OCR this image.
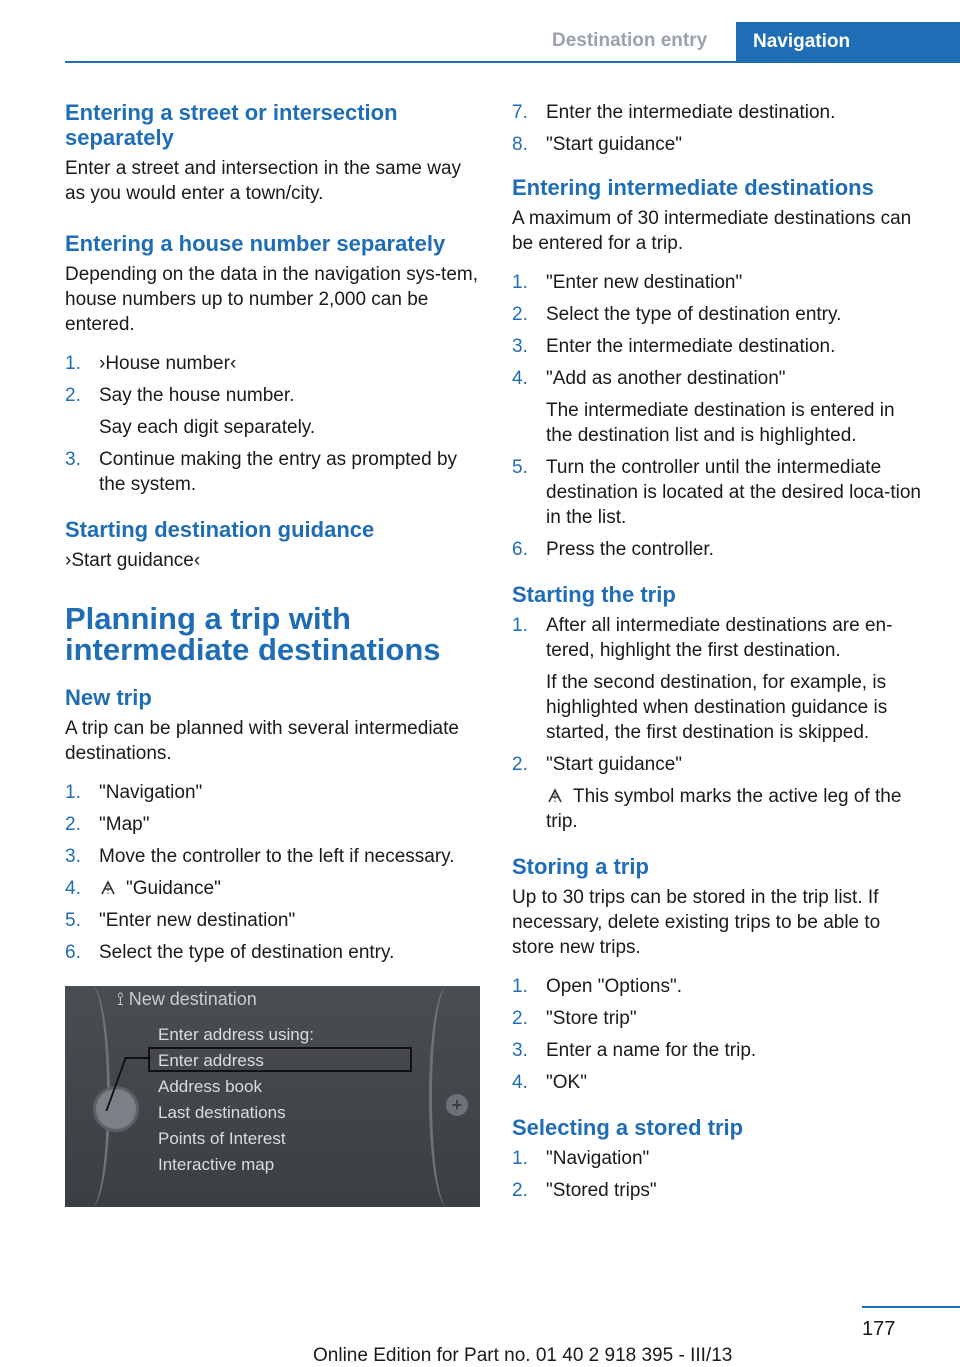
Destination entry Navigation
Entering a street or intersection separately

Enter a street and intersection in the same way as you would enter a town/city.

Entering a house number separately

Depending on the data in the navigation sys‐tem, house numbers up to number 2,000 can be entered.

1. ›House number‹
2. Say the house number.
Say each digit separately.
3. Continue making the entry as prompted by the system.
Starting destination guidance

›Start guidance‹

Planning a trip with intermediate destinations
New trip

A trip can be planned with several intermediate destinations.

1. "Navigation"
2. "Map"
3. Move the controller to the left if necessary.
4. "Guidance"
5. "Enter new destination"
6. Select the type of destination entry.
+
⟟ New destination
Enter address using:
Enter address
Address book
Last destinations
Points of Interest
Interactive map
7. Enter the intermediate destination.
8. "Start guidance"
Entering intermediate destinations

A maximum of 30 intermediate destinations can be entered for a trip.

1. "Enter new destination"
2. Select the type of destination entry.
3. Enter the intermediate destination.
4. "Add as another destination"
The intermediate destination is entered in the destination list and is highlighted.
5. Turn the controller until the intermediate destination is located at the desired loca‐tion in the list.
6. Press the controller.
Starting the trip
1. After all intermediate destinations are en‐tered, highlight the first destination.
If the second destination, for example, is highlighted when destination guidance is started, the first destination is skipped.
2. "Start guidance"
This symbol marks the active leg of the trip.
Storing a trip

Up to 30 trips can be stored in the trip list. If necessary, delete existing trips to be able to store new trips.

1. Open "Options".
2. "Store trip"
3. Enter a name for the trip.
4. "OK"
Selecting a stored trip
1. "Navigation"
2. "Stored trips"
177
Online Edition for Part no. 01 40 2 918 395 - III/13
